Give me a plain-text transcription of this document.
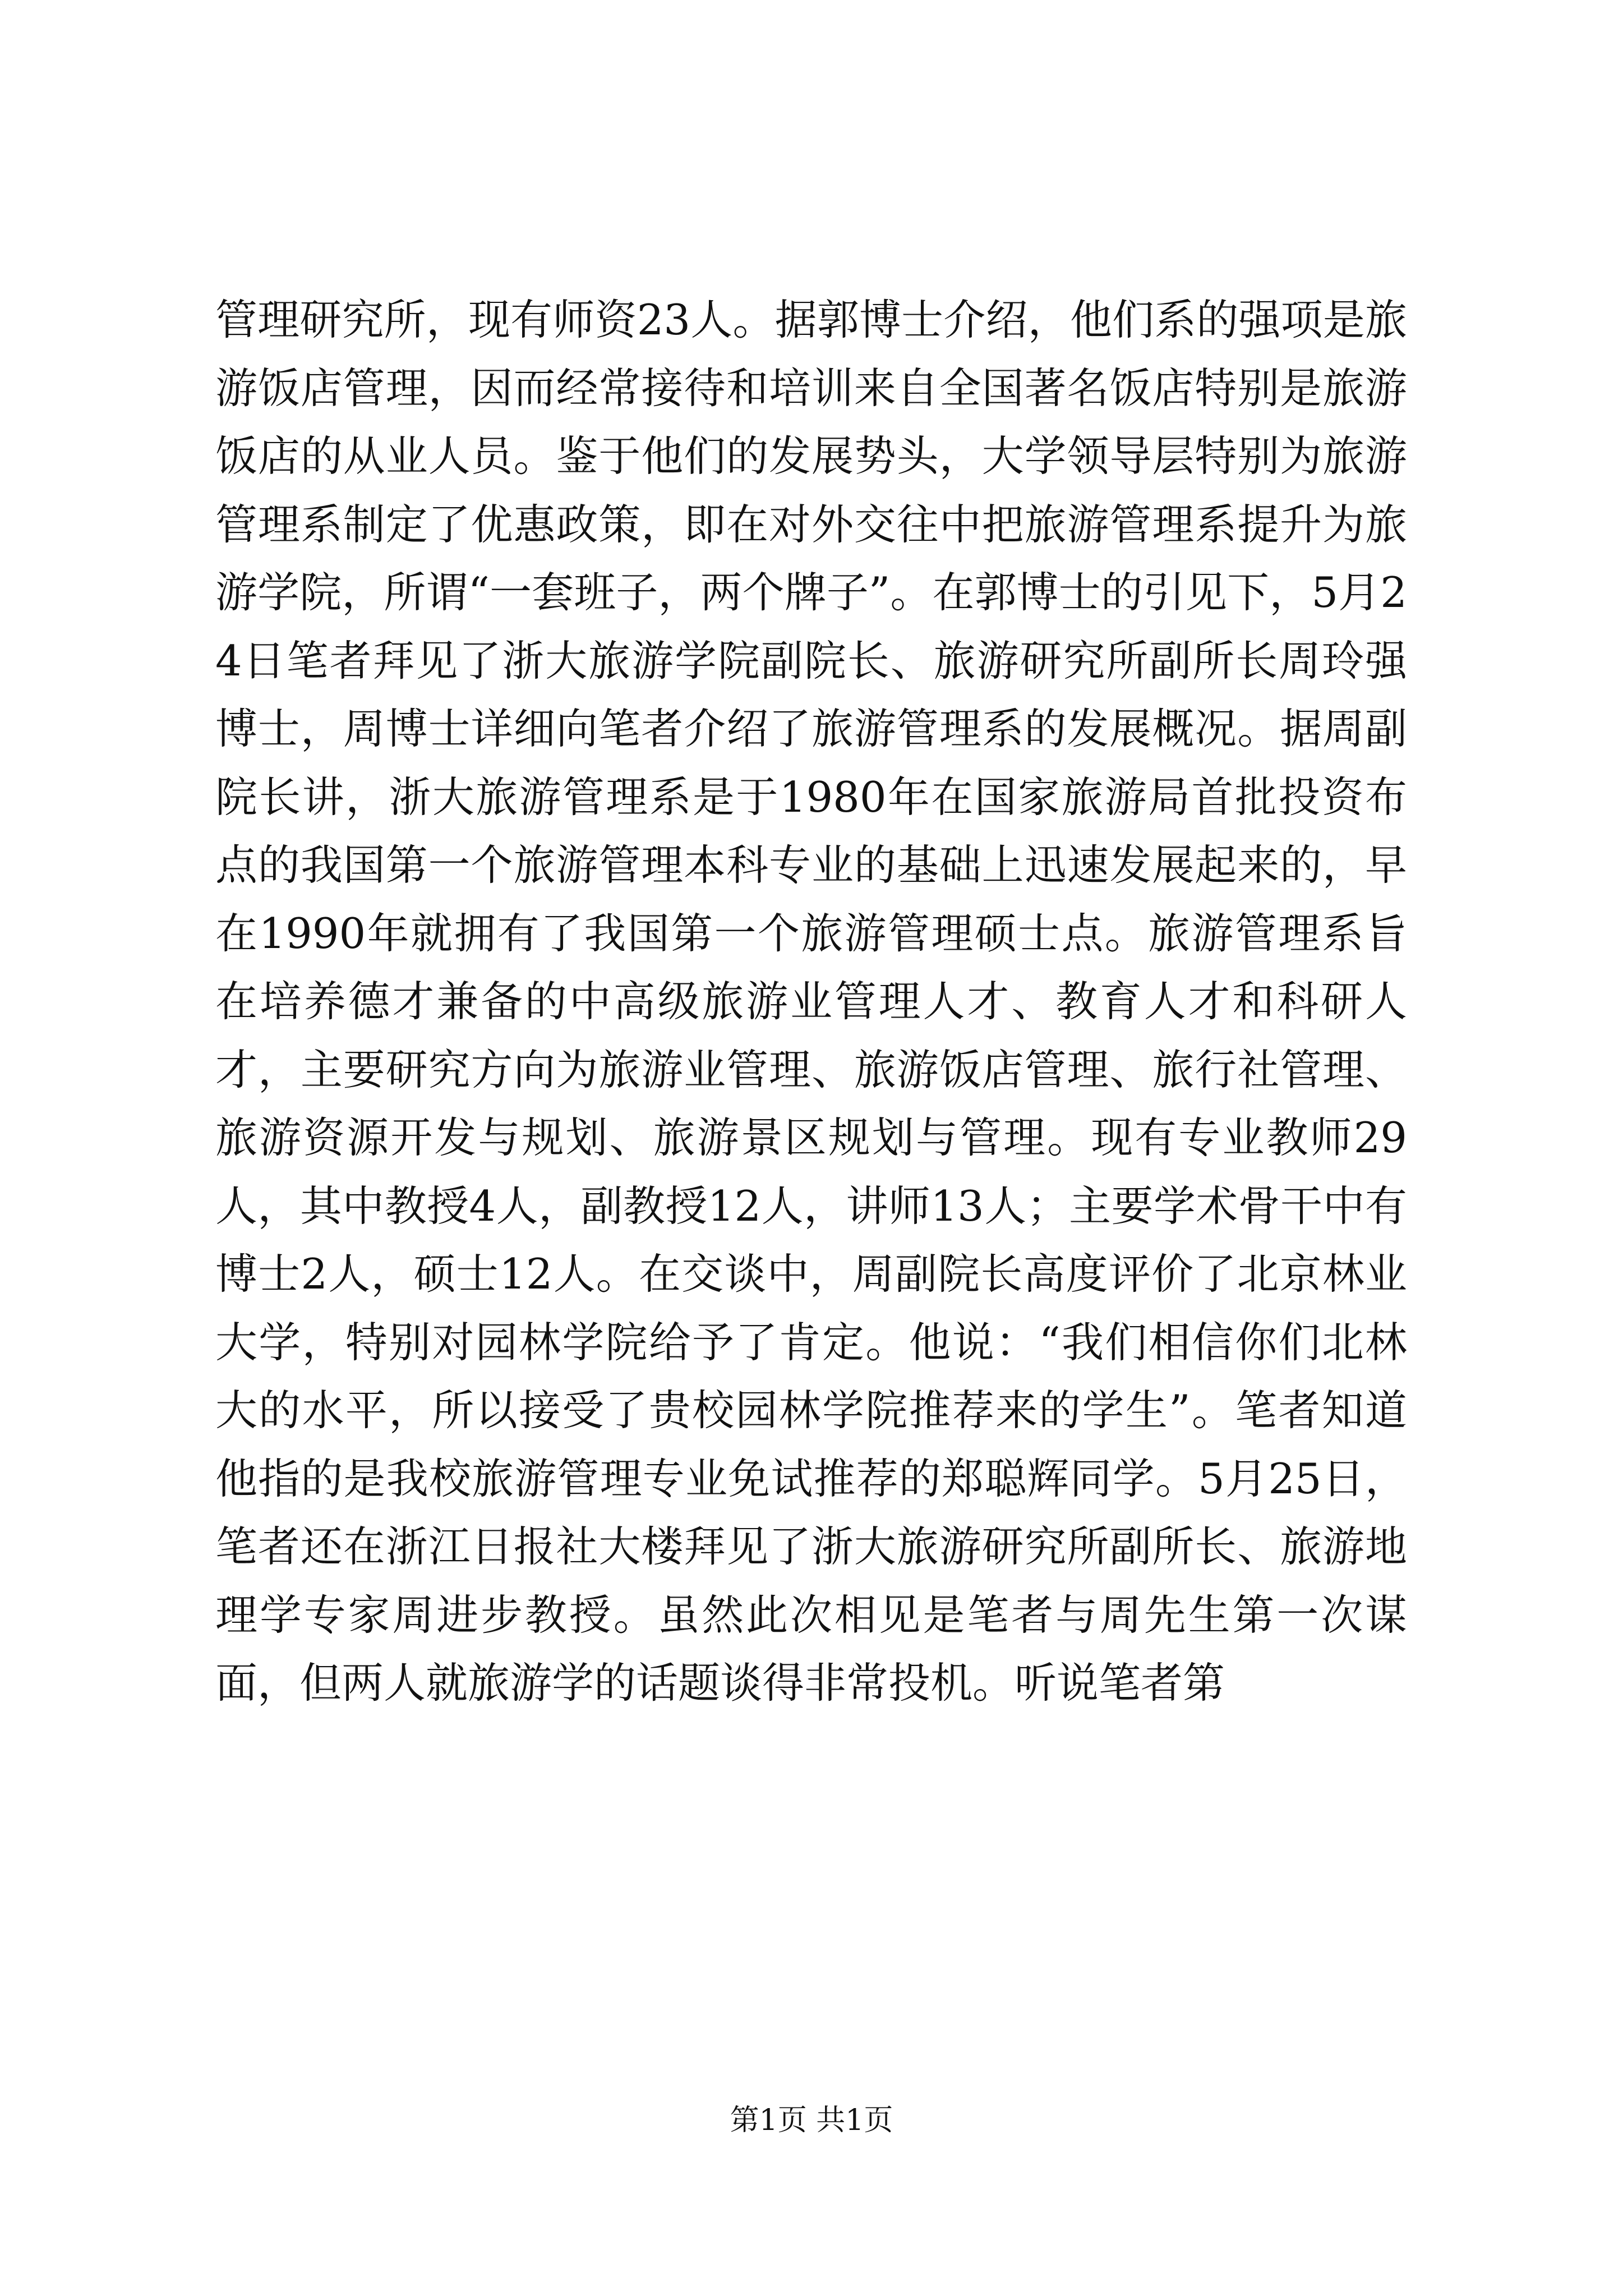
管理研究所，现有师资23人。据郭博士介绍，他们系的强项是旅游饭店管理，因而经常接待和培训来自全国著名饭店特别是旅游饭店的从业人员。鉴于他们的发展势头，大学领导层特别为旅游管理系制定了优惠政策，即在对外交往中把旅游管理系提升为旅游学院，所谓“一套班子，两个牌子”。在郭博士的引见下，5月24日笔者拜见了浙大旅游学院副院长、旅游研究所副所长周玲强博士，周博士详细向笔者介绍了旅游管理系的发展概况。据周副院长讲，浙大旅游管理系是于1980年在国家旅游局首批投资布点的我国第一个旅游管理本科专业的基础上迅速发展起来的，早在1990年就拥有了我国第一个旅游管理硕士点。旅游管理系旨在培养德才兼备的中高级旅游业管理人才、教育人才和科研人才，主要研究方向为旅游业管理、旅游饭店管理、旅行社管理、旅游资源开发与规划、旅游景区规划与管理。现有专业教师29人，其中教授4人，副教授12人，讲师13人；主要学术骨干中有博士2人，硕士12人。在交谈中，周副院长高度评价了北京林业大学，特别对园林学院给予了肯定。他说：“我们相信你们北林大的水平，所以接受了贵校园林学院推荐来的学生”。笔者知道他指的是我校旅游管理专业免试推荐的郑聪辉同学。5月25日，笔者还在浙江日报社大楼拜见了浙大旅游研究所副所长、旅游地理学专家周进步教授。虽然此次相见是笔者与周先生第一次谋面，但两人就旅游学的话题谈得非常投机。听说笔者第

第1页 共1页
